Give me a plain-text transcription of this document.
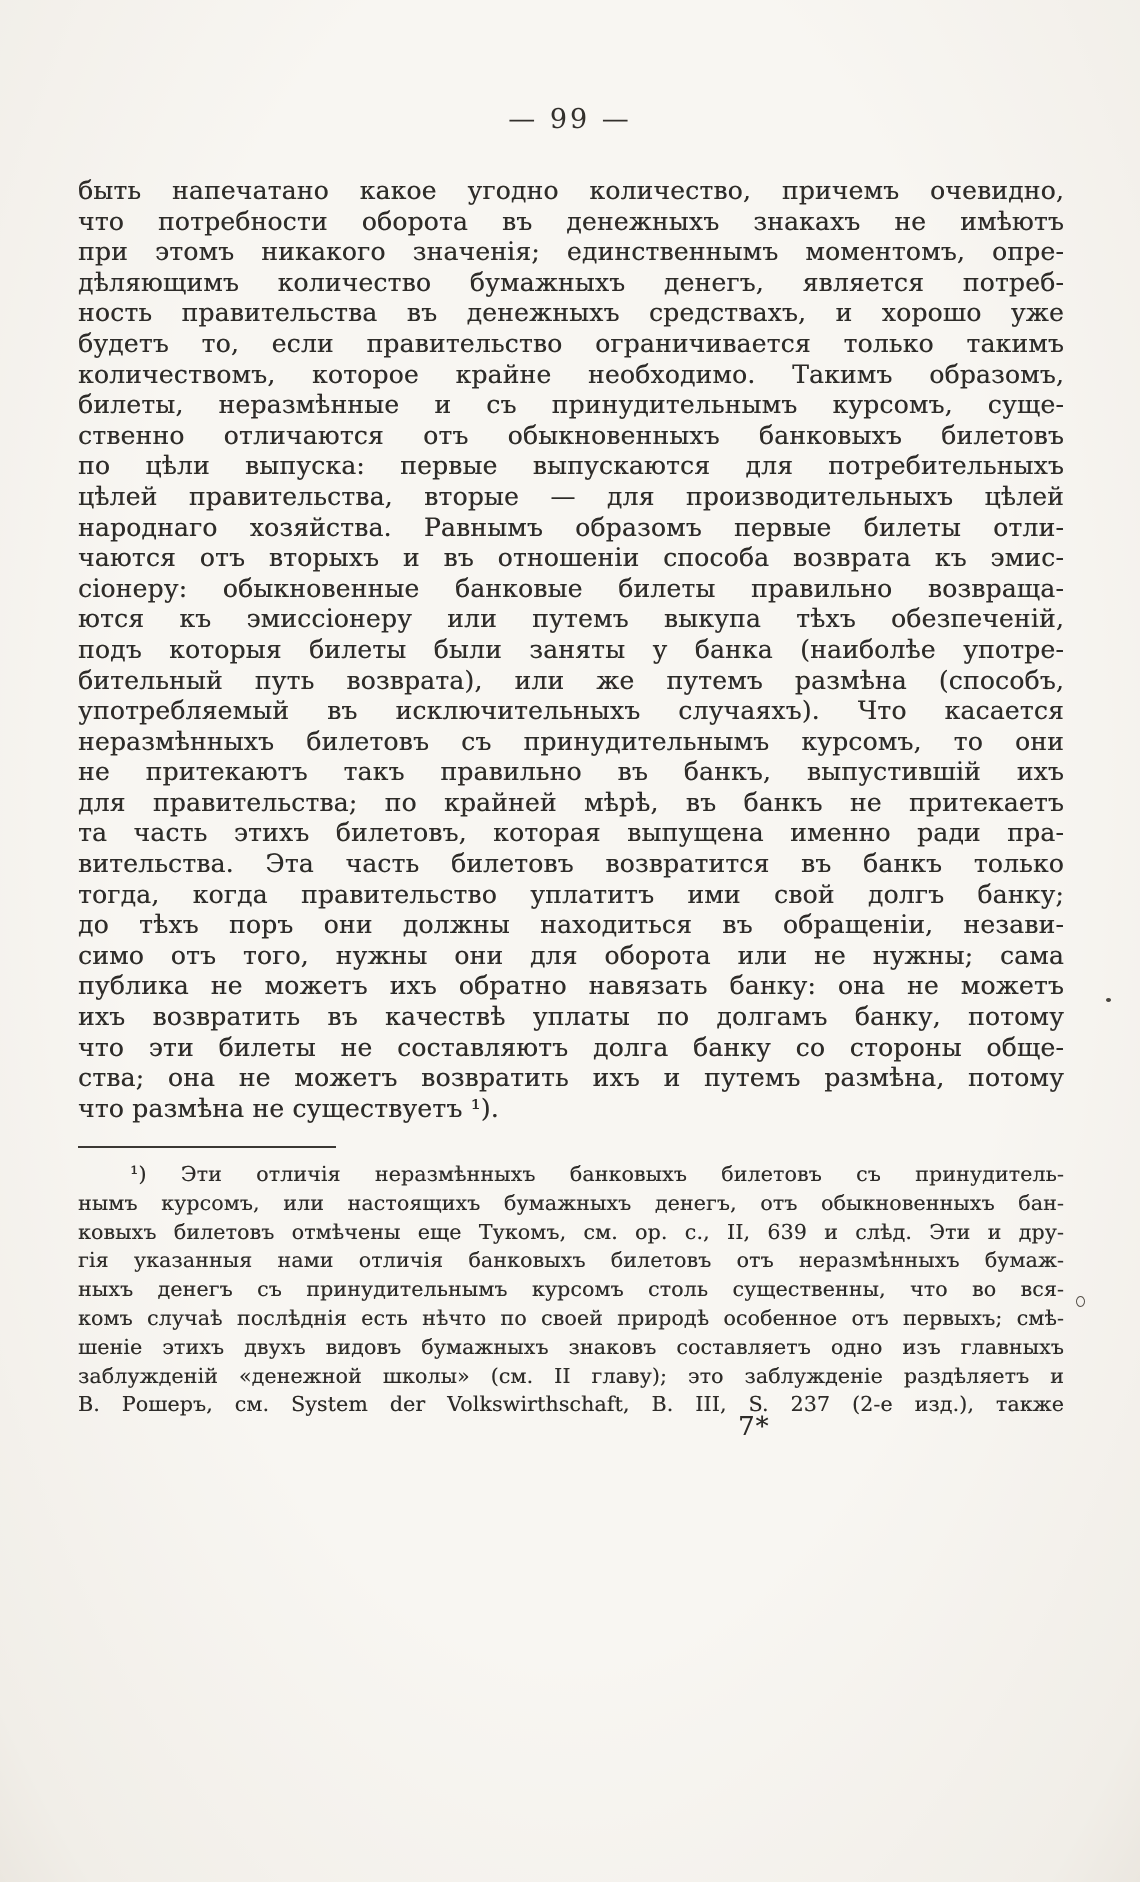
— 99 —
быть напечатано какое угодно количество, причемъ очевидно,
что потребности оборота въ денежныхъ знакахъ не имѣютъ
при этомъ никакого значенія; единственнымъ моментомъ, опре-
дѣляющимъ количество бумажныхъ денегъ, является потреб-
ность правительства въ денежныхъ средствахъ, и хорошо уже
будетъ то, если правительство ограничивается только такимъ
количествомъ, которое крайне необходимо. Такимъ образомъ,
билеты, неразмѣнные и съ принудительнымъ курсомъ, суще-
ственно отличаются отъ обыкновенныхъ банковыхъ билетовъ
по цѣли выпуска: первые выпускаются для потребительныхъ
цѣлей правительства, вторые — для производительныхъ цѣлей
народнаго хозяйства. Равнымъ образомъ первые билеты отли-
чаются отъ вторыхъ и въ отношеніи способа возврата къ эмис-
сіонеру: обыкновенные банковые билеты правильно возвраща-
ются къ эмиссіонеру или путемъ выкупа тѣхъ обезпеченій,
подъ которыя билеты были заняты у банка (наиболѣе употре-
бительный путь возврата), или же путемъ размѣна (способъ,
употребляемый въ исключительныхъ случаяхъ). Что касается
неразмѣнныхъ билетовъ съ принудительнымъ курсомъ, то они
не притекаютъ такъ правильно въ банкъ, выпустившій ихъ
для правительства; по крайней мѣрѣ, въ банкъ не притекаетъ
та часть этихъ билетовъ, которая выпущена именно ради пра-
вительства. Эта часть билетовъ возвратится въ банкъ только
тогда, когда правительство уплатитъ ими свой долгъ банку;
до тѣхъ поръ они должны находиться въ обращеніи, незави-
симо отъ того, нужны они для оборота или не нужны; сама
публика не можетъ ихъ обратно навязать банку: она не можетъ
ихъ возвратить въ качествѣ уплаты по долгамъ банку, потому
что эти билеты не составляютъ долга банку со стороны обще-
ства; она не можетъ возвратить ихъ и путемъ размѣна, потому
что размѣна не существуетъ ¹).
¹) Эти отличія неразмѣнныхъ банковыхъ билетовъ съ принудитель-
нымъ курсомъ, или настоящихъ бумажныхъ денегъ, отъ обыкновенныхъ бан-
ковыхъ билетовъ отмѣчены еще Тукомъ, см. op. c., II, 639 и слѣд. Эти и дру-
гія указанныя нами отличія банковыхъ билетовъ отъ неразмѣнныхъ бумаж-
ныхъ денегъ съ принудительнымъ курсомъ столь существенны, что во вся-
комъ случаѣ послѣднія есть нѣчто по своей природѣ особенное отъ первыхъ; смѣ-
шеніе этихъ двухъ видовъ бумажныхъ знаковъ составляетъ одно изъ главныхъ
заблужденій «денежной школы» (см. II главу); это заблужденіе раздѣляетъ и
В. Рошеръ, см. System der Volkswirthschaft, B. III, S. 237 (2-е изд.), также
7*
